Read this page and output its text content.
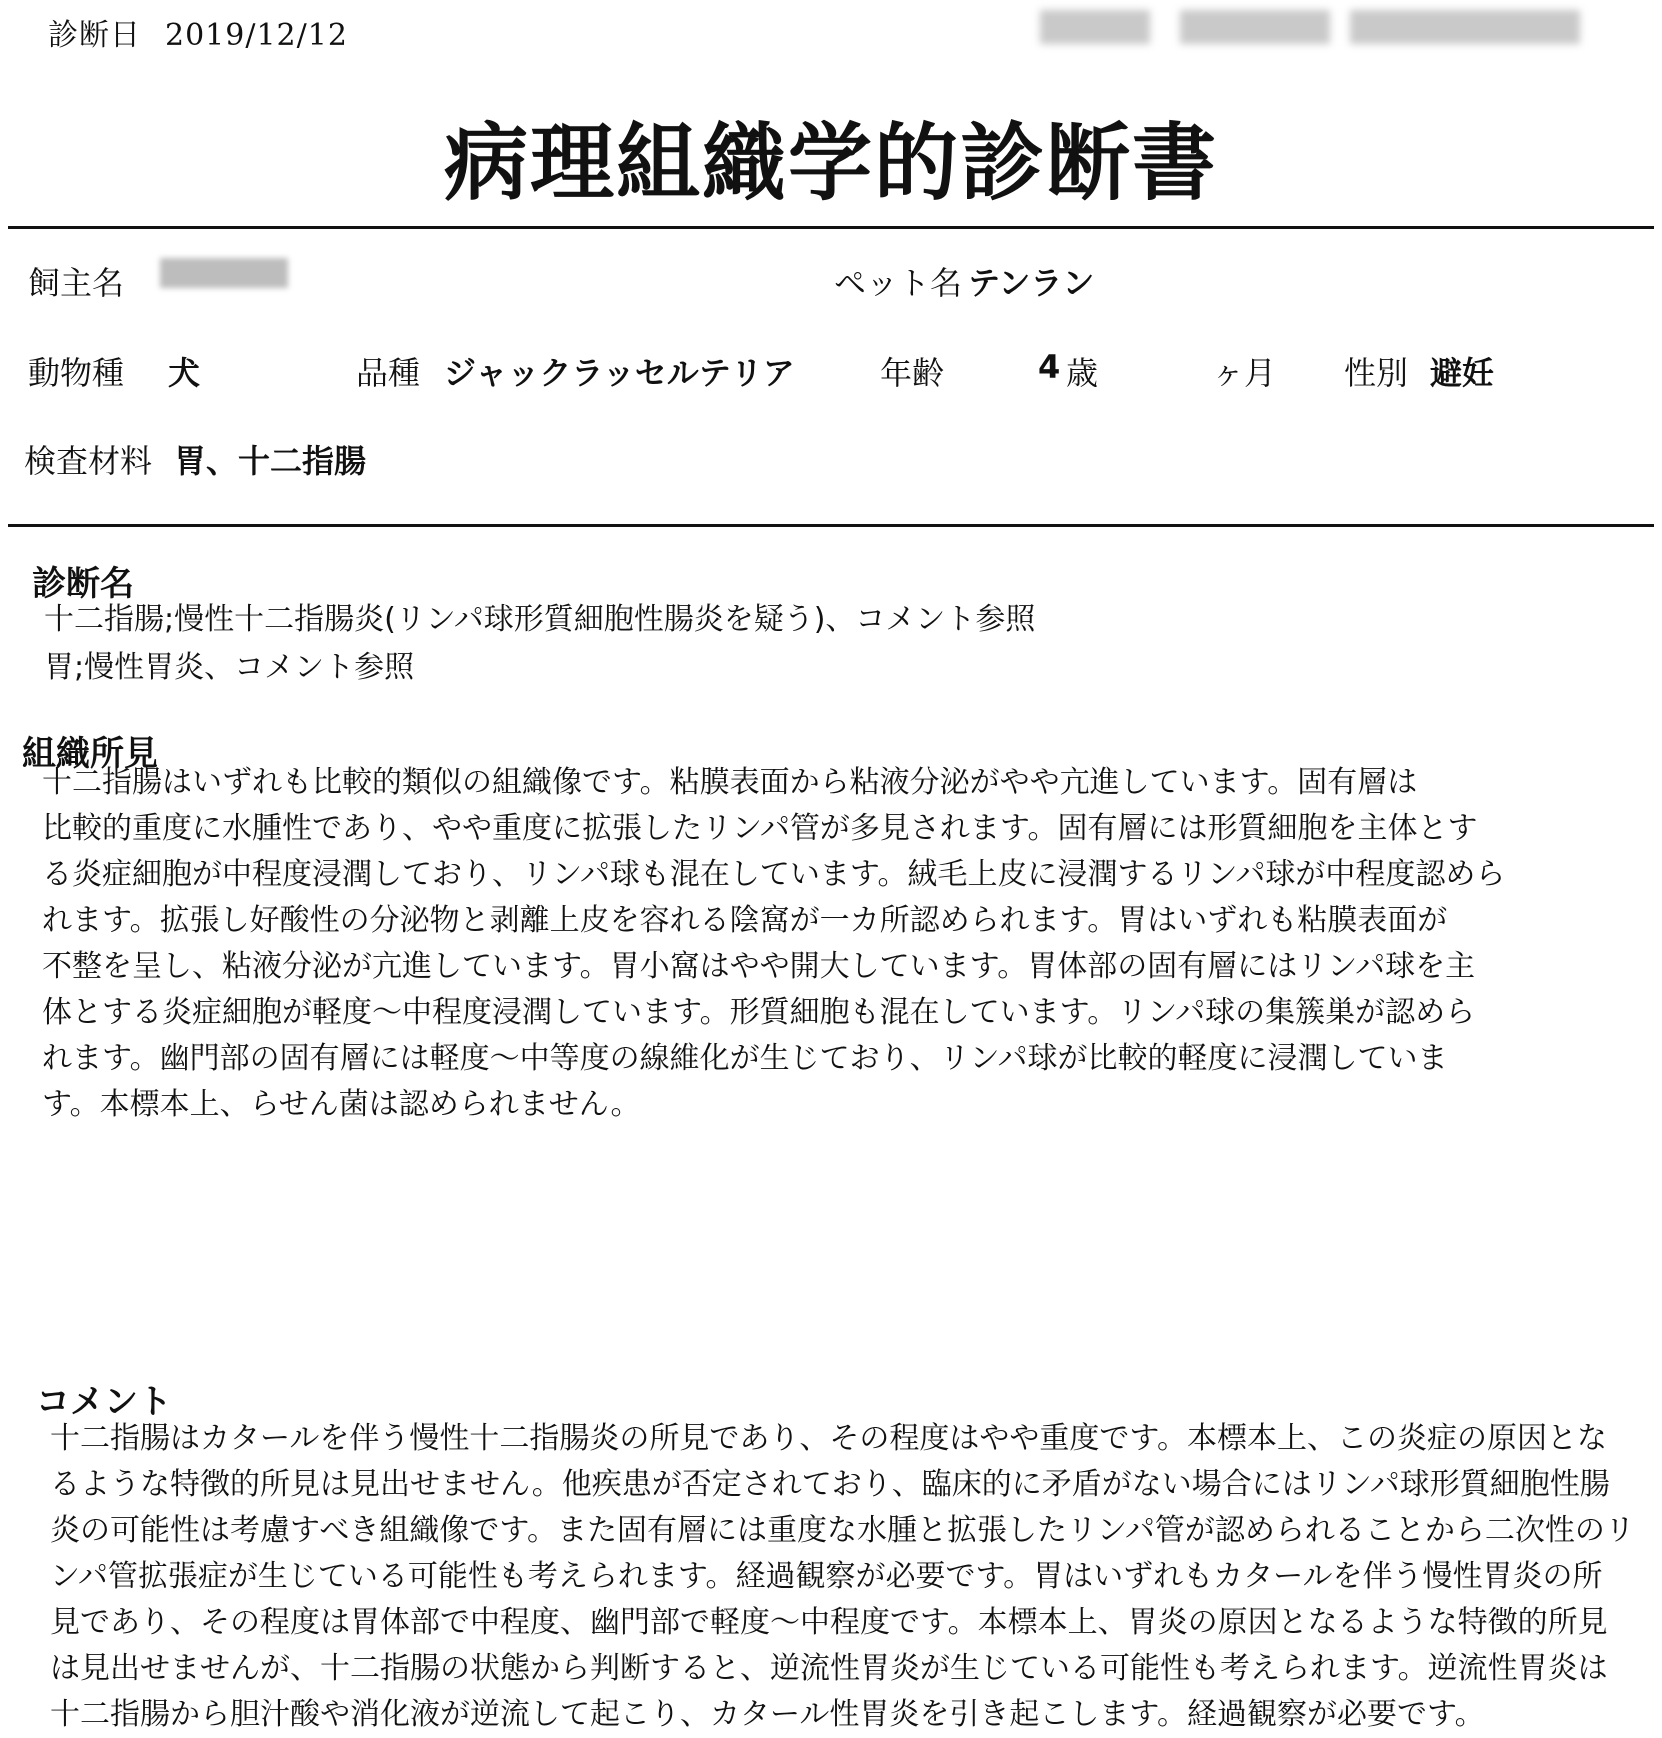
診断日 2019/12/12
病理組織学的診断書
飼主名	ペット名 テンラン
動物種 犬	品種 ジャックラッセルテリア	年齢	4 歳	ヶ月 性別 避妊
検査材料 胃、十二指腸
診断名
十二指腸;慢性十二指腸炎(リンパ球形質細胞性腸炎を疑う)、コメント参照
胃;慢性胃炎、コメント参照
組織所見
十二指腸はいずれも比較的類似の組織像です。粘膜表面から粘液分泌がやや亢進しています。固有層は
比較的重度に水腫性であり、やや重度に拡張したリンパ管が多見されます。固有層には形質細胞を主体とす
る炎症細胞が中程度浸潤しており、リンパ球も混在しています。絨毛上皮に浸潤するリンパ球が中程度認めら
れます。拡張し好酸性の分泌物と剥離上皮を容れる陰窩が一カ所認められます。胃はいずれも粘膜表面が
不整を呈し、粘液分泌が亢進しています。胃小窩はやや開大しています。胃体部の固有層にはリンパ球を主
体とする炎症細胞が軽度〜中程度浸潤しています。形質細胞も混在しています。リンパ球の集簇巣が認めら
れます。幽門部の固有層には軽度〜中等度の線維化が生じており、リンパ球が比較的軽度に浸潤していま
す。本標本上、らせん菌は認められません。
コメント
十二指腸はカタールを伴う慢性十二指腸炎の所見であり、その程度はやや重度です。本標本上、この炎症の原因とな
るような特徴的所見は見出せません。他疾患が否定されており、臨床的に矛盾がない場合にはリンパ球形質細胞性腸
炎の可能性は考慮すべき組織像です。また固有層には重度な水腫と拡張したリンパ管が認められることから二次性のリ
ンパ管拡張症が生じている可能性も考えられます。経過観察が必要です。胃はいずれもカタールを伴う慢性胃炎の所
見であり、その程度は胃体部で中程度、幽門部で軽度〜中程度です。本標本上、胃炎の原因となるような特徴的所見
は見出せませんが、十二指腸の状態から判断すると、逆流性胃炎が生じている可能性も考えられます。逆流性胃炎は
十二指腸から胆汁酸や消化液が逆流して起こり、カタール性胃炎を引き起こします。経過観察が必要です。
